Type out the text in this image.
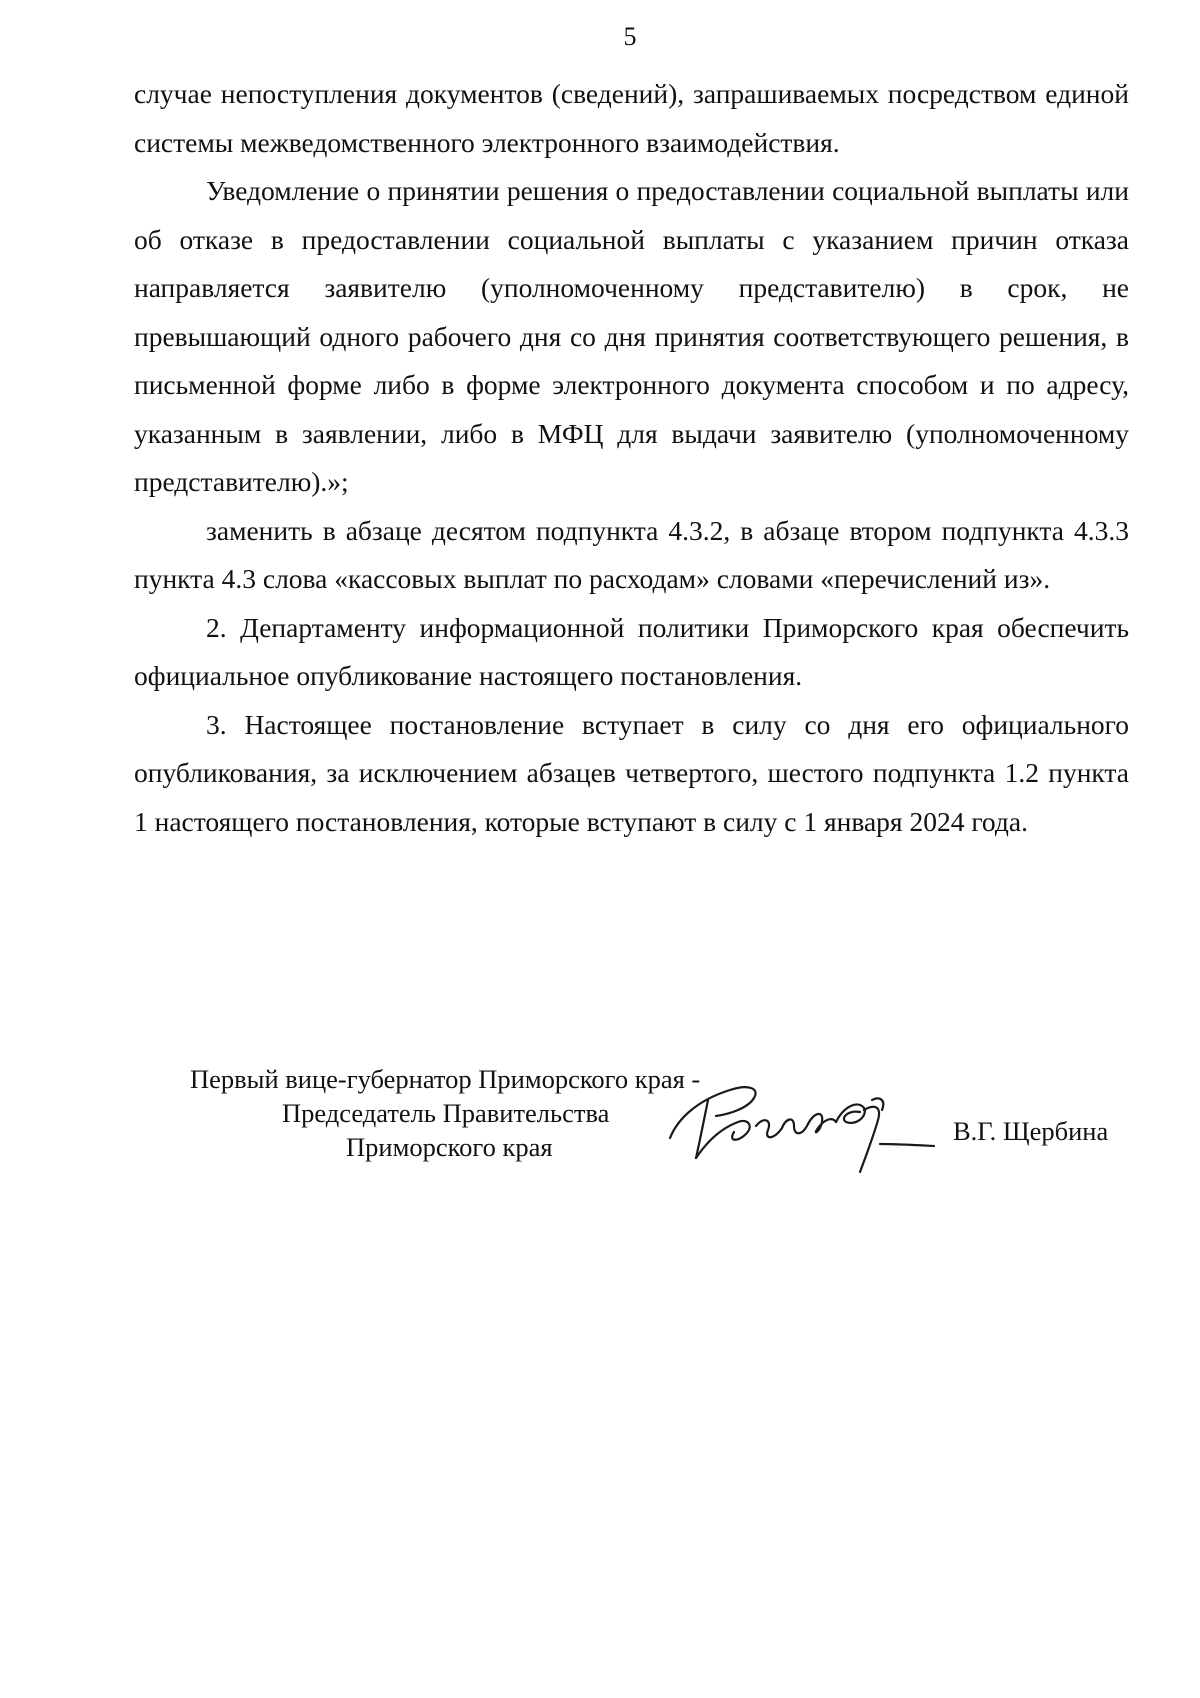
5

случае непоступления документов (сведений), запрашиваемых посредством единой системы межведомственного электронного взаимодействия.

Уведомление о принятии решения о предоставлении социальной выплаты или об отказе в предоставлении социальной выплаты с указанием причин отказа направляется заявителю (уполномоченному представителю) в срок, не превышающий одного рабочего дня со дня принятия соответствующего решения, в письменной форме либо в форме электронного документа способом и по адресу, указанным в заявлении, либо в МФЦ для выдачи заявителю (уполномоченному представителю).»;

заменить в абзаце десятом подпункта 4.3.2, в абзаце втором подпункта 4.3.3 пункта 4.3 слова «кассовых выплат по расходам» словами «перечислений из».

2. Департаменту информационной политики Приморского края обеспечить официальное опубликование настоящего постановления.

3. Настоящее постановление вступает в силу со дня его официального опубликования, за исключением абзацев четвертого, шестого подпункта 1.2 пункта 1 настоящего постановления, которые вступают в силу с 1 января 2024 года.

Первый вице-губернатор Приморского края -
Председатель Правительства
Приморского края
В.Г. Щербина
